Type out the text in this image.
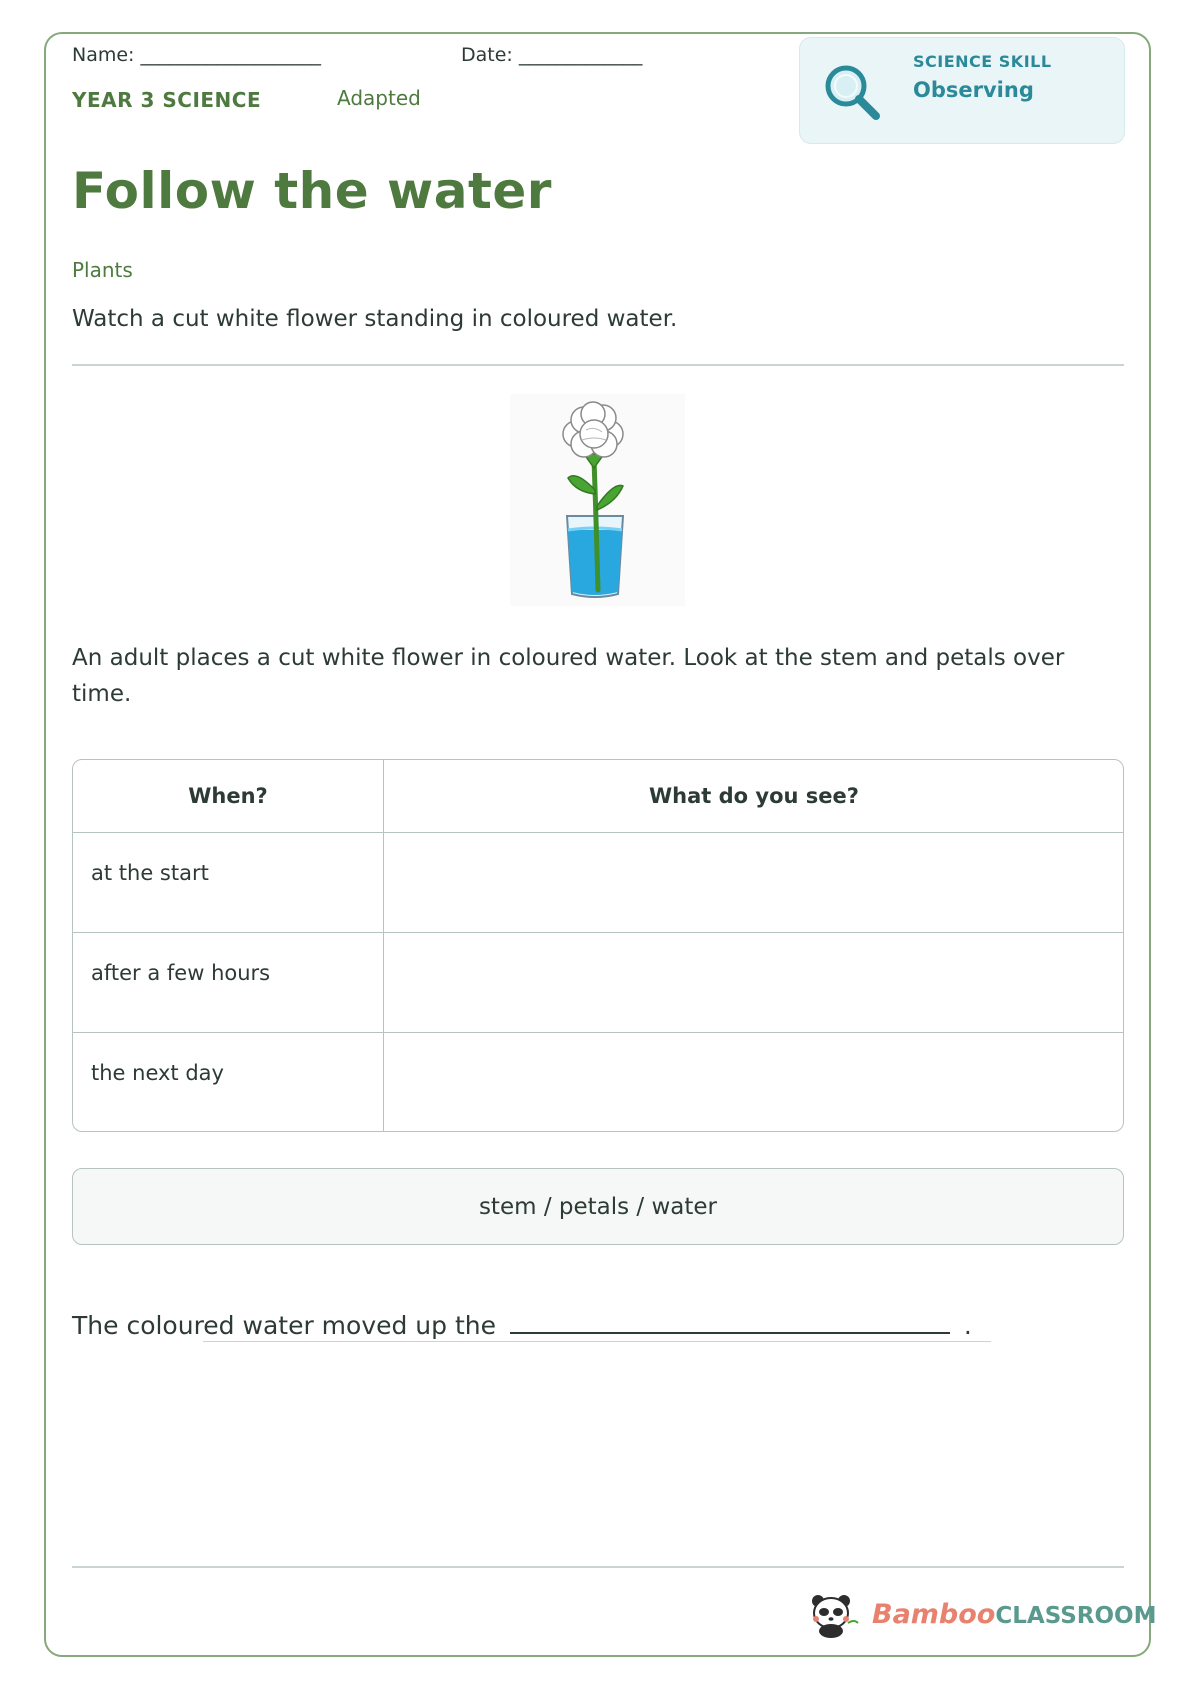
Name: ___________________	Date: _____________
YEAR 3 SCIENCE	Adapted
SCIENCE SKILL
Observing
Follow the water
Plants
Watch a cut white flower standing in coloured water.
An adult places a cut white flower in coloured water. Look at the stem and petals over time.
When?	What do you see?
at the start
after a few hours
the next day
stem / petals / water
The coloured water moved up the	.
BambooCLASSROOM
